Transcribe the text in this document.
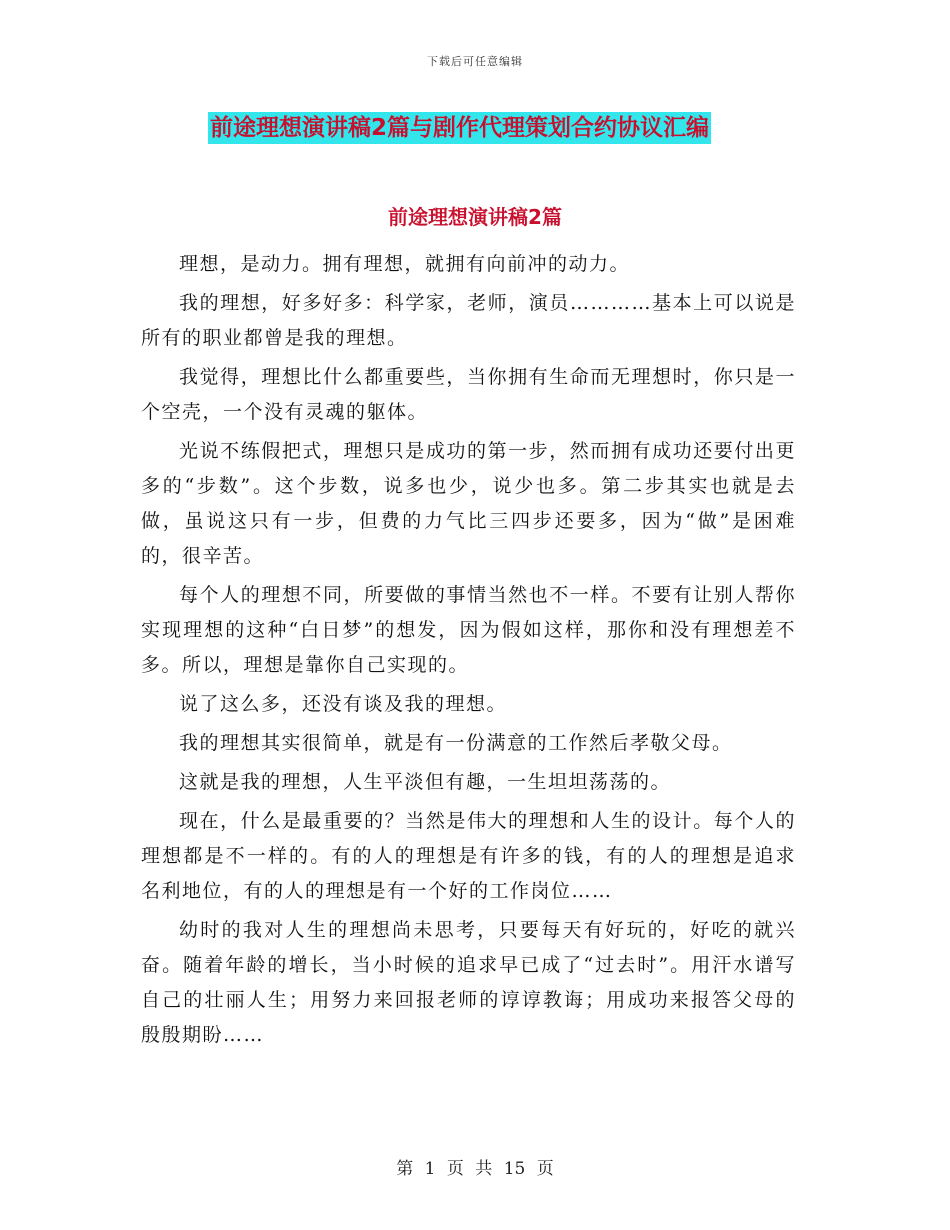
下载后可任意编辑
前途理想演讲稿2篇与剧作代理策划合约协议汇编
前途理想演讲稿2篇

理想，是动力。拥有理想，就拥有向前冲的动力。

我的理想，好多好多：科学家，老师，演员…………基本上可以说是所有的职业都曾是我的理想。

我觉得，理想比什么都重要些，当你拥有生命而无理想时，你只是一个空壳，一个没有灵魂的躯体。

光说不练假把式，理想只是成功的第一步，然而拥有成功还要付出更多的“步数”。这个步数，说多也少，说少也多。第二步其实也就是去做，虽说这只有一步，但费的力气比三四步还要多，因为“做”是困难的，很辛苦。

每个人的理想不同，所要做的事情当然也不一样。不要有让别人帮你实现理想的这种“白日梦”的想发，因为假如这样，那你和没有理想差不多。所以，理想是靠你自己实现的。

说了这么多，还没有谈及我的理想。

我的理想其实很简单，就是有一份满意的工作然后孝敬父母。

这就是我的理想，人生平淡但有趣，一生坦坦荡荡的。

现在，什么是最重要的？当然是伟大的理想和人生的设计。每个人的理想都是不一样的。有的人的理想是有许多的钱，有的人的理想是追求名利地位，有的人的理想是有一个好的工作岗位……

幼时的我对人生的理想尚未思考，只要每天有好玩的，好吃的就兴奋。随着年龄的增长，当小时候的追求早已成了“过去时”。用汗水谱写自己的壮丽人生；用努力来回报老师的谆谆教诲；用成功来报答父母的殷殷期盼……

第 1 页 共 15 页
